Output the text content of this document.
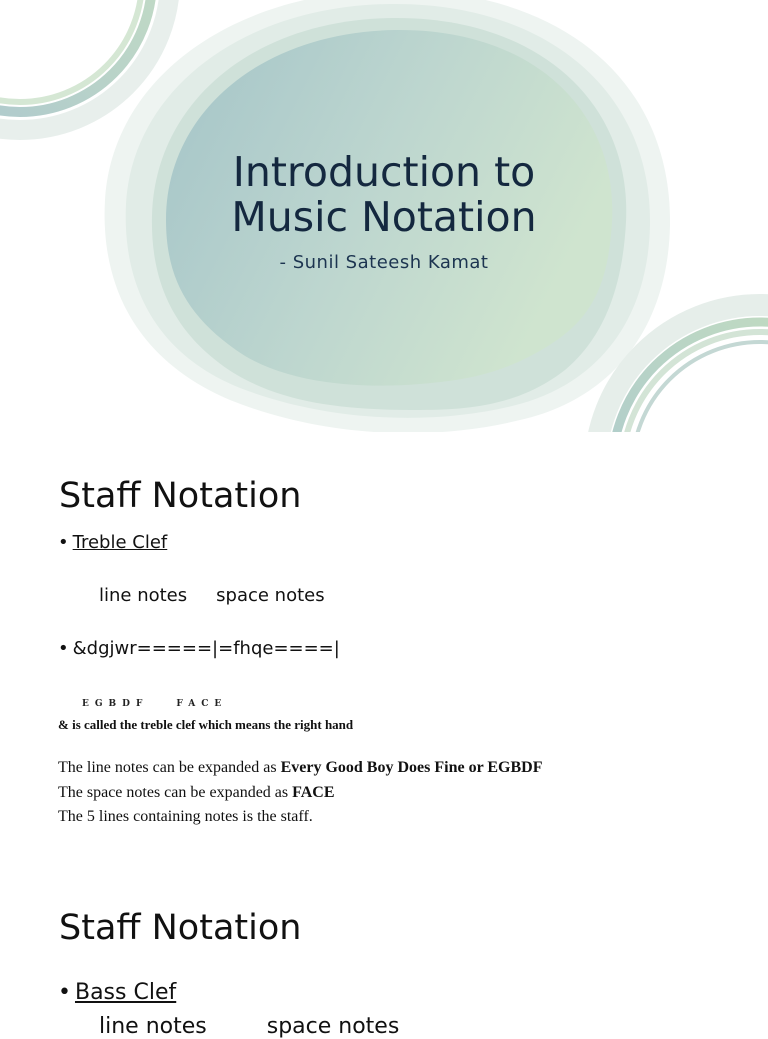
Introduction to
Music Notation
- Sunil Sateesh Kamat
Staff Notation
• Treble Clef
line notes space notes
• &dgjwr=====|=fhqe====|
EGBDF	FACE
& is called the treble clef which means the right hand
The line notes can be expanded as Every Good Boy Does Fine or EGBDF
The space notes can be expanded as FACE
The 5 lines containing notes is the staff.
Staff Notation
• Bass Clef
line notes	space notes
